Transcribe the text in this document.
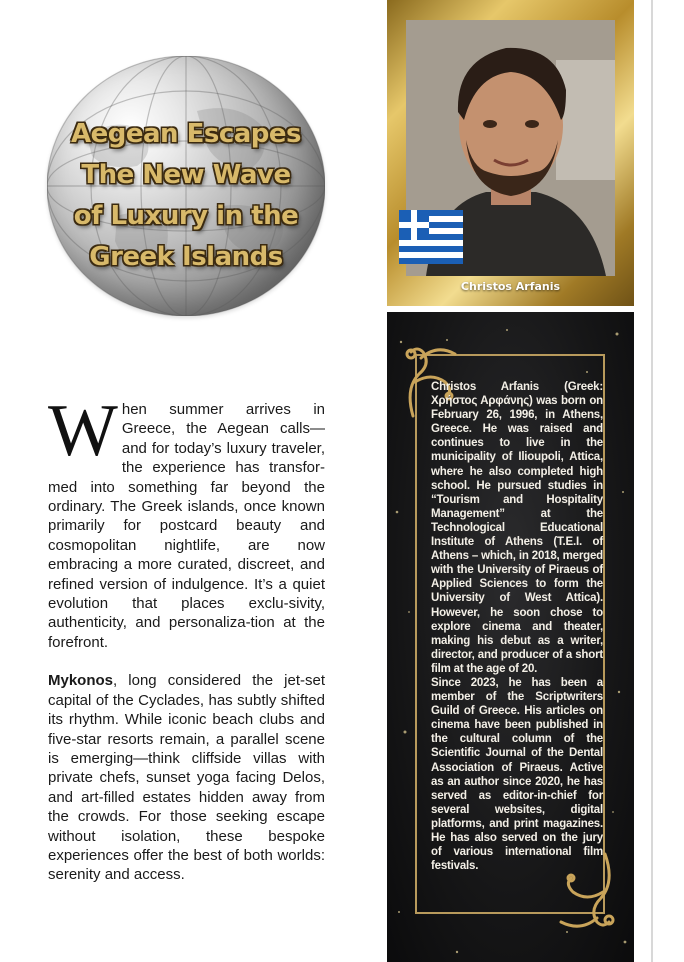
Aegean Escapes
The New Wave
of Luxury in the
Greek Islands
Christos Arfanis

Christos Arfanis (Greek: Χρήστος Αρφάνης) was born on February 26, 1996, in Athens, Greece. He was raised and continues to live in the municipality of Ilioupoli, Attica, where he also completed high school. He pursued studies in “Tourism and Hospitality Management” at the Technological Educational Institute of Athens (T.E.I. of Athens – which, in 2018, merged with the University of Piraeus of Applied Sciences to form the University of West Attica). However, he soon chose to explore cinema and theater, making his debut as a writer, director, and producer of a short film at the age of 20.

Since 2023, he has been a member of the Scriptwriters Guild of Greece. His articles on cinema have been published in the cultural column of the Scientific Journal of the Dental Association of Piraeus. Active as an author since 2020, he has served as editor-in-chief for several websites, digital platforms, and print magazines. He has also served on the jury of various international film festivals.

When summer arrives in Greece, the Aegean calls—and for today’s luxury traveler, the experience has transfor-med into something far beyond the ordinary. The Greek islands, once known primarily for postcard beauty and cosmopolitan nightlife, are now embracing a more curated, discreet, and refined version of indulgence. It’s a quiet evolution that places exclu-sivity, authenticity, and personaliza-tion at the forefront.

Mykonos, long considered the jet-set capital of the Cyclades, has subtly shifted its rhythm. While iconic beach clubs and five-star resorts remain, a parallel scene is emerging—think cliffside villas with private chefs, sunset yoga facing Delos, and art-filled estates hidden away from the crowds. For those seeking escape without isolation, these bespoke experiences offer the best of both worlds: serenity and access.
